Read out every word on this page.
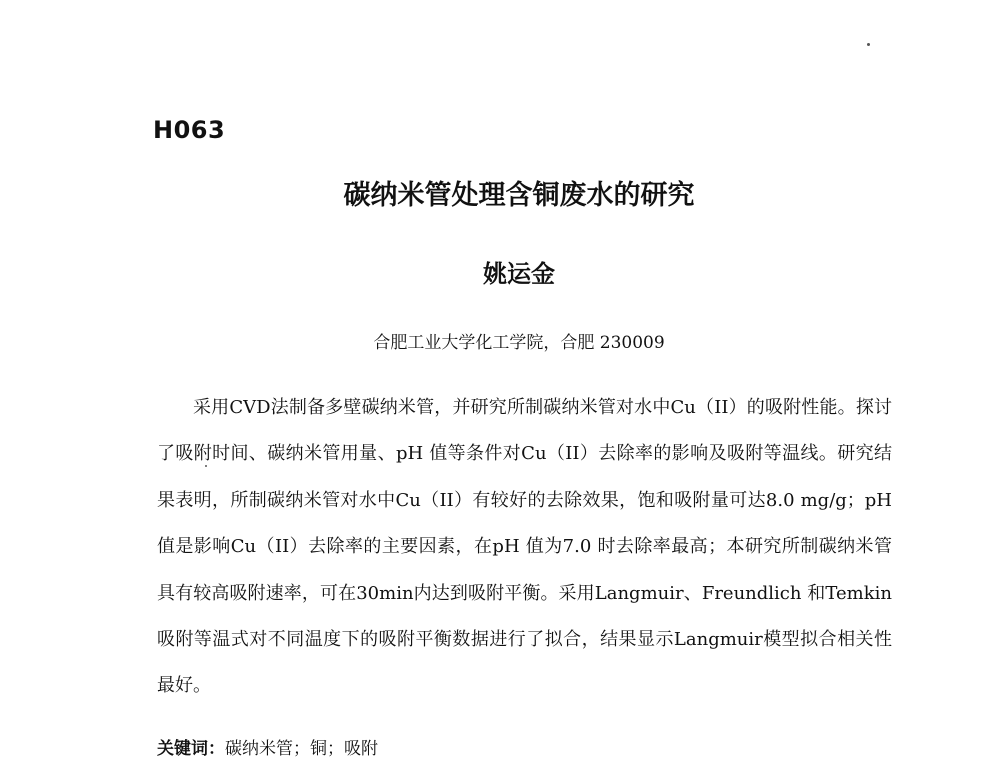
H063
碳纳米管处理含铜废水的研究
姚运金
合肥工业大学化工学院，合肥 230009

采用CVD法制备多壁碳纳米管，并研究所制碳纳米管对水中Cu（II）的吸附性能。探讨了吸附时间、碳纳米管用量、pH 值等条件对Cu（II）去除率的影响及吸附等温线。研究结果表明，所制碳纳米管对水中Cu（II）有较好的去除效果，饱和吸附量可达8.0 mg/g；pH 值是影响Cu（II）去除率的主要因素，在pH 值为7.0 时去除率最高；本研究所制碳纳米管具有较高吸附速率，可在30min内达到吸附平衡。采用Langmuir、Freundlich 和Temkin 吸附等温式对不同温度下的吸附平衡数据进行了拟合，结果显示Langmuir模型拟合相关性最好。

关键词：碳纳米管；铜；吸附
